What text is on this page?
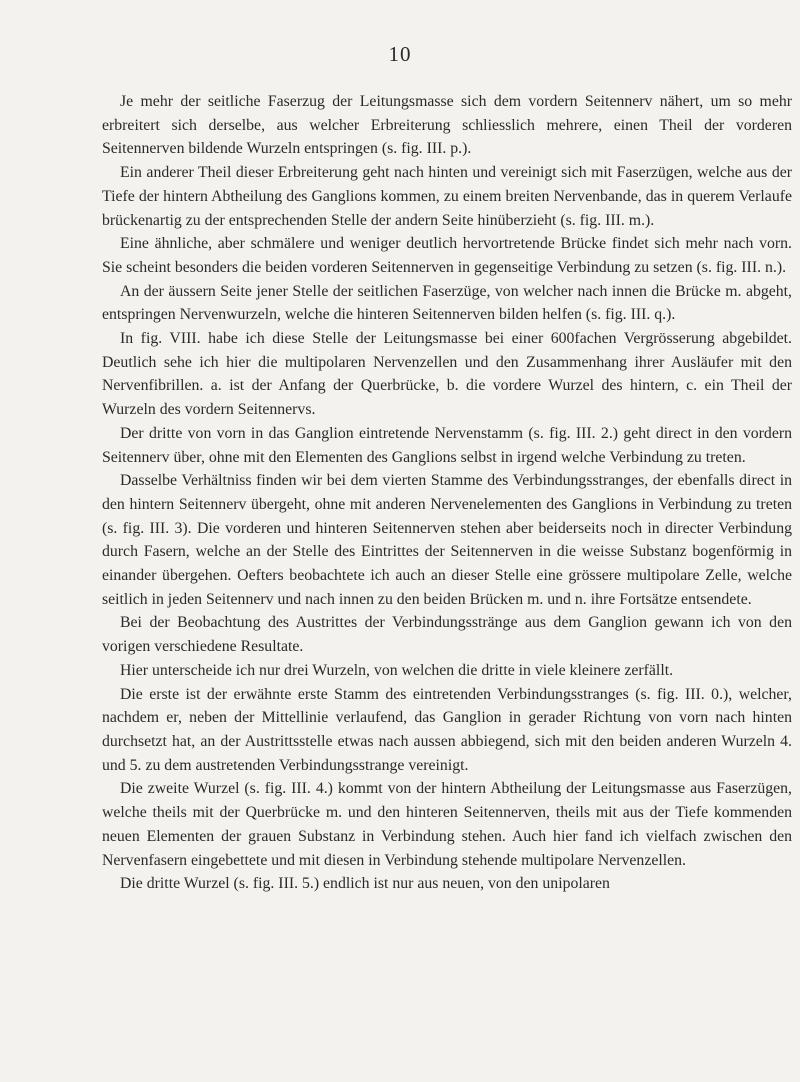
10

Je mehr der seitliche Faserzug der Leitungsmasse sich dem vordern Seitennerv nähert, um so mehr erbreitert sich derselbe, aus welcher Erbreiterung schliesslich mehrere, einen Theil der vorderen Seitennerven bildende Wurzeln entspringen (s. fig. III. p.).

Ein anderer Theil dieser Erbreiterung geht nach hinten und vereinigt sich mit Faserzügen, welche aus der Tiefe der hintern Abtheilung des Ganglions kommen, zu einem breiten Nervenbande, das in querem Verlaufe brückenartig zu der entsprechenden Stelle der andern Seite hinüberzieht (s. fig. III. m.).

Eine ähnliche, aber schmälere und weniger deutlich hervortretende Brücke findet sich mehr nach vorn. Sie scheint besonders die beiden vorderen Seitennerven in gegenseitige Verbindung zu setzen (s. fig. III. n.).

An der äussern Seite jener Stelle der seitlichen Faserzüge, von welcher nach innen die Brücke m. abgeht, entspringen Nervenwurzeln, welche die hinteren Seitennerven bilden helfen (s. fig. III. q.).

In fig. VIII. habe ich diese Stelle der Leitungsmasse bei einer 600fachen Vergrösserung abgebildet. Deutlich sehe ich hier die multipolaren Nervenzellen und den Zusammenhang ihrer Ausläufer mit den Nervenfibrillen. a. ist der Anfang der Querbrücke, b. die vordere Wurzel des hintern, c. ein Theil der Wurzeln des vordern Seitennervs.

Der dritte von vorn in das Ganglion eintretende Nervenstamm (s. fig. III. 2.) geht direct in den vordern Seitennerv über, ohne mit den Elementen des Ganglions selbst in irgend welche Verbindung zu treten.

Dasselbe Verhältniss finden wir bei dem vierten Stamme des Verbindungsstranges, der ebenfalls direct in den hintern Seitennerv übergeht, ohne mit anderen Nervenelementen des Ganglions in Verbindung zu treten (s. fig. III. 3). Die vorderen und hinteren Seitennerven stehen aber beiderseits noch in directer Verbindung durch Fasern, welche an der Stelle des Eintrittes der Seitennerven in die weisse Substanz bogenförmig in einander übergehen. Oefters beobachtete ich auch an dieser Stelle eine grössere multipolare Zelle, welche seitlich in jeden Seitennerv und nach innen zu den beiden Brücken m. und n. ihre Fortsätze entsendete.

Bei der Beobachtung des Austrittes der Verbindungsstränge aus dem Ganglion gewann ich von den vorigen verschiedene Resultate.

Hier unterscheide ich nur drei Wurzeln, von welchen die dritte in viele kleinere zerfällt.

Die erste ist der erwähnte erste Stamm des eintretenden Verbindungsstranges (s. fig. III. 0.), welcher, nachdem er, neben der Mittellinie verlaufend, das Ganglion in gerader Richtung von vorn nach hinten durchsetzt hat, an der Austrittsstelle etwas nach aussen abbiegend, sich mit den beiden anderen Wurzeln 4. und 5. zu dem austretenden Verbindungsstrange vereinigt.

Die zweite Wurzel (s. fig. III. 4.) kommt von der hintern Abtheilung der Leitungsmasse aus Faserzügen, welche theils mit der Querbrücke m. und den hinteren Seitennerven, theils mit aus der Tiefe kommenden neuen Elementen der grauen Substanz in Verbindung stehen. Auch hier fand ich vielfach zwischen den Nervenfasern eingebettete und mit diesen in Verbindung stehende multipolare Nervenzellen.

Die dritte Wurzel (s. fig. III. 5.) endlich ist nur aus neuen, von den unipolaren
